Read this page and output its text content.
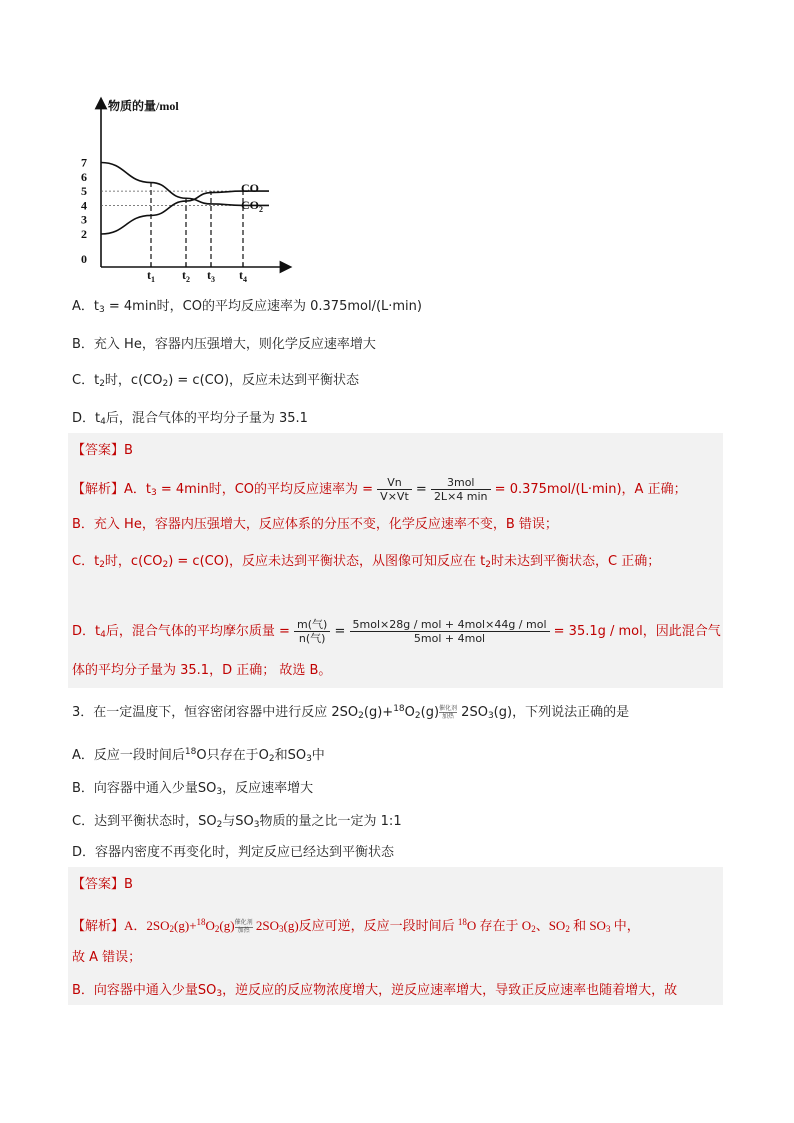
物质的量/mol
0
2
3
4
5
6
7
$t_1$ $t_2$ $t_3$ $t_4$
CO
$CO_2$
A．$t_3 = 4\min$时，CO的平均反应速率为 0.375mol/(L·min)
B．充入 He，容器内压强增大，则化学反应速率增大
C．$t_2$时，$c(CO_2) = c(CO)$，反应未达到平衡状态
D．$t_4$后，混合气体的平均分子量为 35.1
【答案】B
【解析】A．$t_3 = 4\min$时，CO的平均反应速率为 = $\frac{Vn}{V\times Vt} = \frac{\text{3mol}}{2L\times 4 \min} = 0.375mol/(L\cdot\min)$，A 正确；
B．充入 He，容器内压强增大，反应体系的分压不变，化学反应速率不变，B 错误；
C．$t_2$时，$c(CO_2) = c(CO)$，反应未达到平衡状态，从图像可知反应在 $t_2$时未达到平衡状态，C 正确；
D．$t_4$后，混合气体的平均摩尔质量 = $\frac{\text{m(气)}}{\text{n(气)}} = \frac{\text{5mol×28g / mol + 4mol×44g / mol}}{\text{5mol + 4mol}} = 35.1g$ / mol，因此混合气
体的平均分子量为 35.1，D 正确； 故选 B。
3．在一定温度下，恒容密闭容器中进行反应 $2SO_2(g)+^{18}O_2(g)$ 催化剂
加热 $2SO_3(g)$，下列说法正确的是
A．反应一段时间后$^{18}$O只存在于$O_2$和$SO_3$中
B．向容器中通入少量$SO_3$，反应速率增大
C．达到平衡状态时，$SO_2$与$SO_3$物质的量之比一定为 1:1
D．容器内密度不再变化时，判定反应已经达到平衡状态
【答案】B
【解析】A．$2SO_2(g)+^{18}O_2(g)$ 催化剂
加热 $2SO_3(g)$反应可逆，反应一段时间后 $^{18}$O 存在于 $O_2$、$SO_2$ 和 $SO_3$ 中，
故 A 错误；
B．向容器中通入少量$SO_3$，逆反应的反应物浓度增大，逆反应速率增大，导致正反应速率也随着增大，故
